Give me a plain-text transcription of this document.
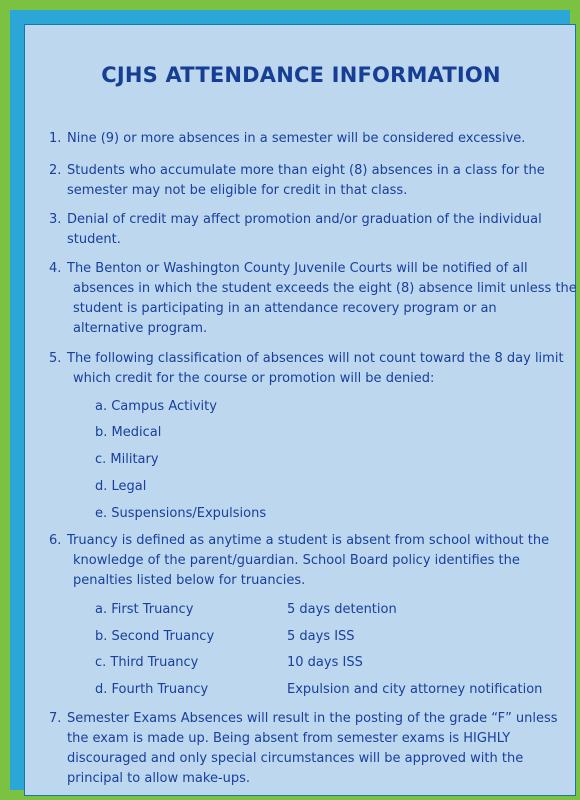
CJHS ATTENDANCE INFORMATION
1. Nine (9) or more absences in a semester will be considered excessive.
2. Students who accumulate more than eight (8) absences in a class for the
semester may not be eligible for credit in that class.
3. Denial of credit may affect promotion and/or graduation of the individual
student.
4. The Benton or Washington County Juvenile Courts will be notified of all
absences in which the student exceeds the eight (8) absence limit unless the
student is participating in an attendance recovery program or an
alternative program.
5. The following classification of absences will not count toward the 8 day limit
which credit for the course or promotion will be denied:
a. Campus Activity
b. Medical
c. Military
d. Legal
e. Suspensions/Expulsions
6. Truancy is defined as anytime a student is absent from school without the
knowledge of the parent/guardian. School Board policy identifies the
penalties listed below for truancies.
a. First Truancy	5 days detention
b. Second Truancy	5 days ISS
c. Third Truancy	10 days ISS
d. Fourth Truancy	Expulsion and city attorney notification
7. Semester Exams Absences will result in the posting of the grade “F” unless
the exam is made up. Being absent from semester exams is HIGHLY
discouraged and only special circumstances will be approved with the
principal to allow make-ups.
